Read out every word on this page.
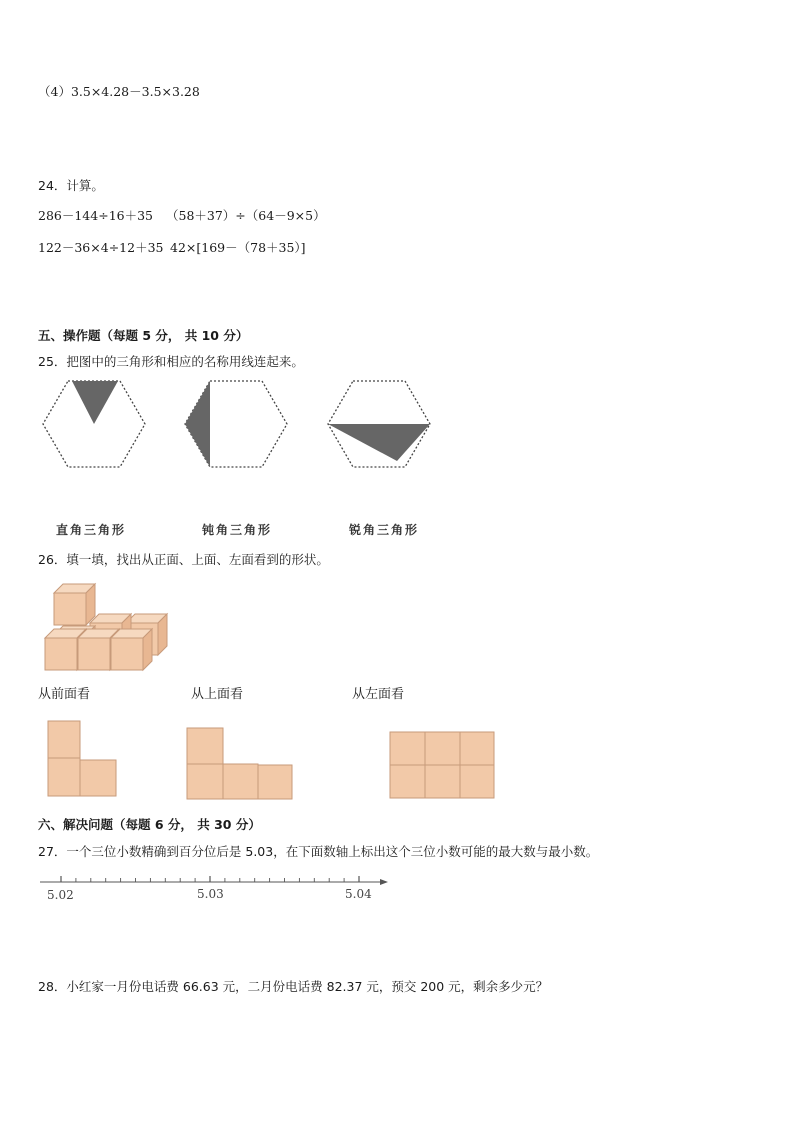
（4）3.5×4.28－3.5×3.28
24．计算。
286－144÷16＋35 （58＋37）÷（64－9×5）
122－36×4÷12＋35 42×[169－（78＋35）]
五、操作题（每题 5 分， 共 10 分）
25．把图中的三角形和相应的名称用线连起来。
直角三角形	钝角三角形	锐角三角形
26．填一填，找出从正面、上面、左面看到的形状。
从前面看	从上面看	从左面看
六、解决问题（每题 6 分， 共 30 分）
27．一个三位小数精确到百分位后是 5.03，在下面数轴上标出这个三位小数可能的最大数与最小数。
5.02	5.03	5.04
28．小红家一月份电话费 66.63 元，二月份电话费 82.37 元，预交 200 元，剩余多少元？
